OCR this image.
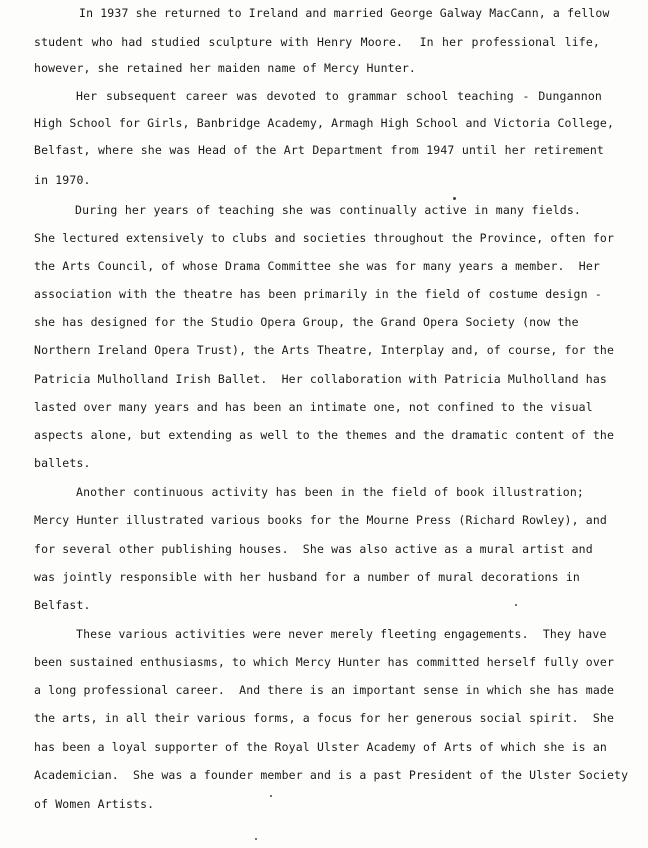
In 1937 she returned to Ireland and married George Galway MacCann, a fellow
student who had studied sculpture with Henry Moore.  In her professional life,
however, she retained her maiden name of Mercy Hunter.
Her subsequent career was devoted to grammar school teaching - Dungannon
High School for Girls, Banbridge Academy, Armagh High School and Victoria College,
Belfast, where she was Head of the Art Department from 1947 until her retirement
in 1970.
During her years of teaching she was continually active in many fields.
She lectured extensively to clubs and societies throughout the Province, often for
the Arts Council, of whose Drama Committee she was for many years a member.  Her
association with the theatre has been primarily in the field of costume design -
she has designed for the Studio Opera Group, the Grand Opera Society (now the
Northern Ireland Opera Trust), the Arts Theatre, Interplay and, of course, for the
Patricia Mulholland Irish Ballet.  Her collaboration with Patricia Mulholland has
lasted over many years and has been an intimate one, not confined to the visual
aspects alone, but extending as well to the themes and the dramatic content of the
ballets.
Another continuous activity has been in the field of book illustration;
Mercy Hunter illustrated various books for the Mourne Press (Richard Rowley), and
for several other publishing houses.  She was also active as a mural artist and
was jointly responsible with her husband for a number of mural decorations in
Belfast.
These various activities were never merely fleeting engagements.  They have
been sustained enthusiasms, to which Mercy Hunter has committed herself fully over
a long professional career.  And there is an important sense in which she has made
the arts, in all their various forms, a focus for her generous social spirit.  She
has been a loyal supporter of the Royal Ulster Academy of Arts of which she is an
Academician.  She was a founder member and is a past President of the Ulster Society
of Women Artists.
